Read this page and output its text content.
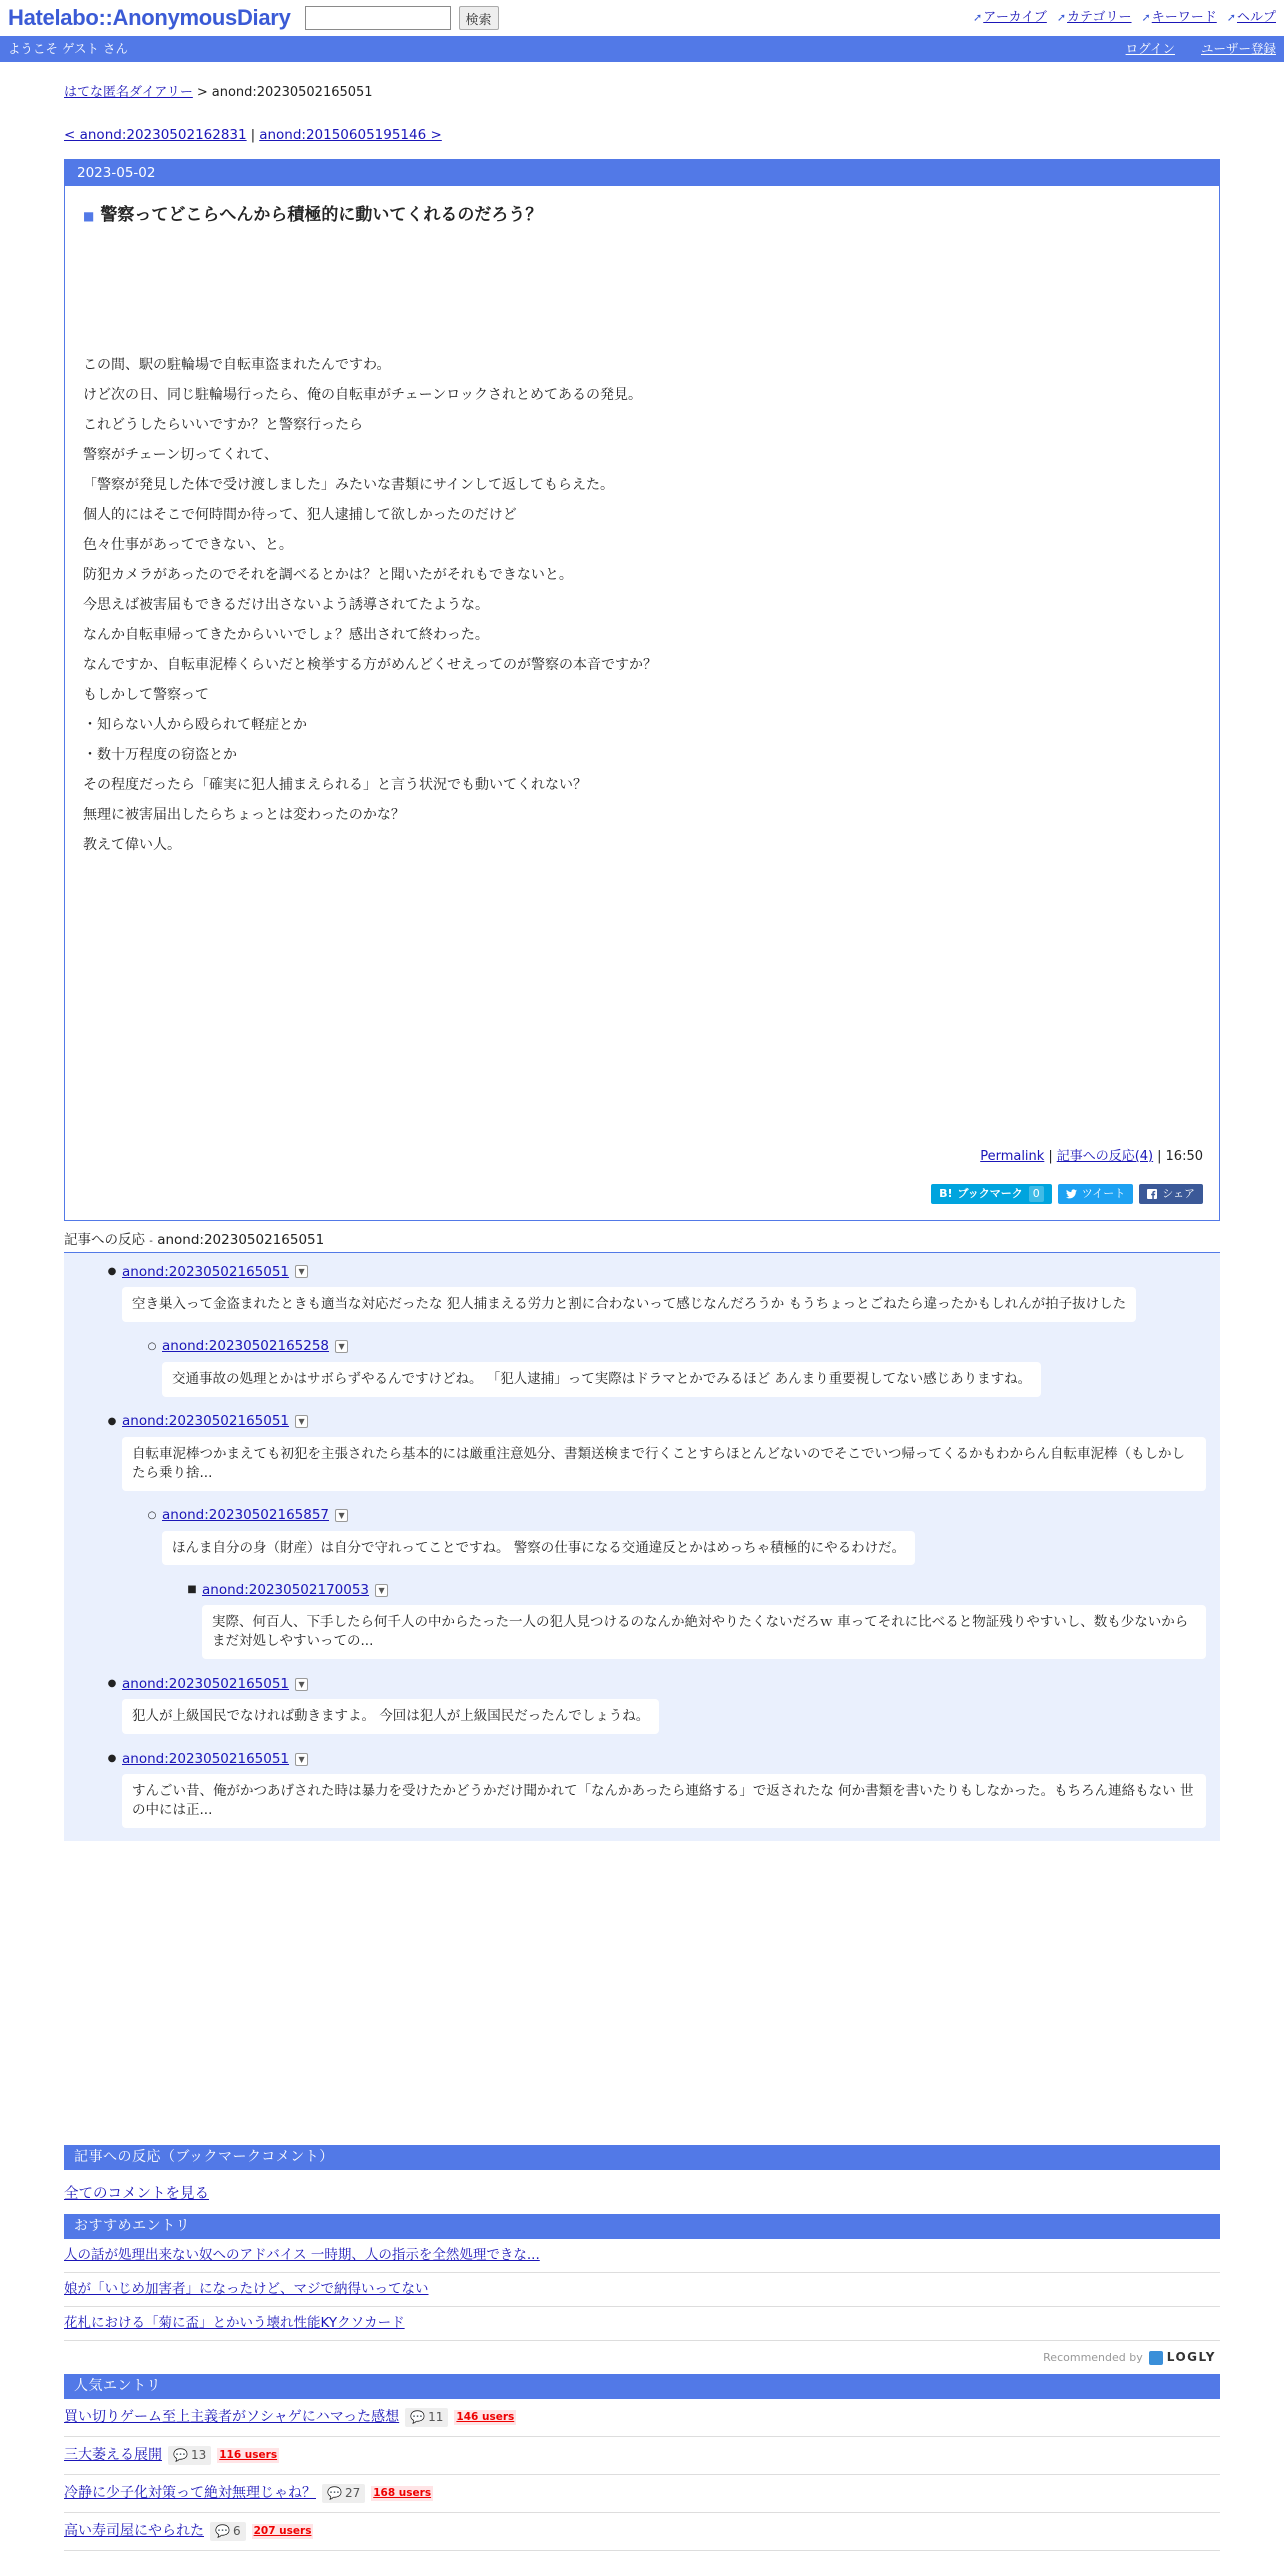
Hatelabo::AnonymousDiary	検索	➚ アーカイブ ➚ カテゴリー ➚ キーワード ➚ ヘルプ
ようこそ ゲスト さん	ログイン ユーザー登録
はてな匿名ダイアリー > anond:20230502165051
< anond:20230502162831 | anond:20150605195146 >
2023-05-02
■ 警察ってどこらへんから積極的に動いてくれるのだろう？

この間、駅の駐輪場で自転車盗まれたんですわ。

けど次の日、同じ駐輪場行ったら、俺の自転車がチェーンロックされとめてあるの発見。

これどうしたらいいですか？と警察行ったら

警察がチェーン切ってくれて、

「警察が発見した体で受け渡しました」みたいな書類にサインして返してもらえた。

個人的にはそこで何時間か待って、犯人逮捕して欲しかったのだけど

色々仕事があってできない、と。

防犯カメラがあったのでそれを調べるとかは？と聞いたがそれもできないと。

今思えば被害届もできるだけ出さないよう誘導されてたような。

なんか自転車帰ってきたからいいでしょ？感出されて終わった。

なんですか、自転車泥棒くらいだと検挙する方がめんどくせえってのが警察の本音ですか？

もしかして警察って

・知らない人から殴られて軽症とか

・数十万程度の窃盗とか

その程度だったら「確実に犯人捕まえられる」と言う状況でも動いてくれない？

無理に被害届出したらちょっとは変わったのかな？

教えて偉い人。

Permalink | 記事への反応(4) | 16:50
B! ブックマーク 0	ツイート	シェア
記事への反応 - anond:20230502165051
● anond:20230502165051	▼
空き巣入って金盗まれたときも適当な対応だったな 犯人捕まえる労力と割に合わないって感じなんだろうか もうちょっとごねたら違ったかもしれんが拍子抜けした
○ anond:20230502165258	▼
交通事故の処理とかはサボらずやるんですけどね。 「犯人逮捕」って実際はドラマとかでみるほど あんまり重要視してない感じありますね。
● anond:20230502165051	▼
自転車泥棒つかまえても初犯を主張されたら基本的には厳重注意処分、書類送検まで行くことすらほとんどないのでそこでいつ帰ってくるかもわからん自転車泥棒（もしかしたら乗り捨...
○ anond:20230502165857	▼
ほんま自分の身（財産）は自分で守れってことですね。 警察の仕事になる交通違反とかはめっちゃ積極的にやるわけだ。
■ anond:20230502170053	▼
実際、何百人、下手したら何千人の中からたった一人の犯人見つけるのなんか絶対やりたくないだろｗ 車ってそれに比べると物証残りやすいし、数も少ないからまだ対処しやすいっての...
● anond:20230502165051	▼
犯人が上級国民でなければ動きますよ。 今回は犯人が上級国民だったんでしょうね。
● anond:20230502165051	▼
すんごい昔、俺がかつあげされた時は暴力を受けたかどうかだけ聞かれて「なんかあったら連絡する」で返されたな 何か書類を書いたりもしなかった。もちろん連絡もない 世の中には正...
記事への反応（ブックマークコメント）
全てのコメントを見る
おすすめエントリ
人の話が処理出来ない奴へのアドバイス 一時期、人の指示を全然処理できな...
娘が「いじめ加害者」になったけど、マジで納得いってない
花札における「菊に盃」とかいう壊れ性能KYクソカード
Recommended by LOGLY
人気エントリ
買い切りゲーム至上主義者がソシャゲにハマった感想 💬 11 146 users
三大萎える展開 💬 13 116 users
冷静に少子化対策って絶対無理じゃね？ 💬 27 168 users
高い寿司屋にやられた 💬 6 207 users
